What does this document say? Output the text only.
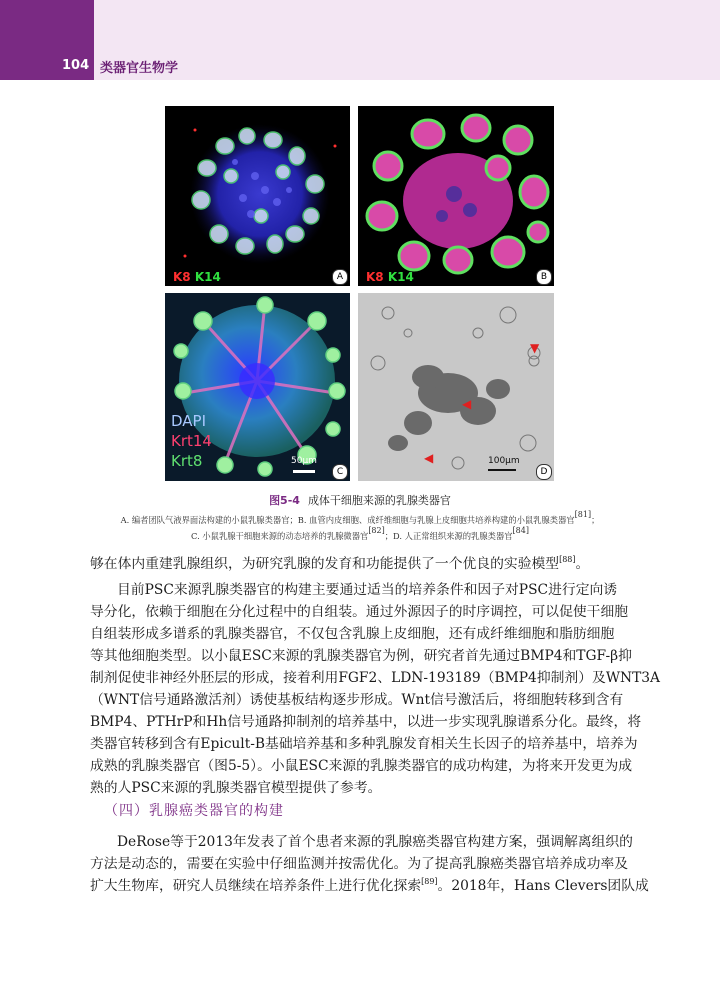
104 类器官生物学
K8 K14	A	K8 K14	B
DAPI
Krt14
Krt8	50μm
C
▼
◀
◀	100μm
D
图5-4 成体干细胞来源的乳腺类器官
A. 编者团队气液界面法构建的小鼠乳腺类器官；B. 血管内皮细胞、成纤维细胞与乳腺上皮细胞共培养构建的小鼠乳腺类器官[81]；
C. 小鼠乳腺干细胞来源的动态培养的乳腺微器官[82]；D. 人正常组织来源的乳腺类器官[84]
够在体内重建乳腺组织，为研究乳腺的发育和功能提供了一个优良的实验模型[88]。
目前PSC来源乳腺类器官的构建主要通过适当的培养条件和因子对PSC进行定向诱
导分化，依赖于细胞在分化过程中的自组装。通过外源因子的时序调控，可以促使干细胞
自组装形成多谱系的乳腺类器官，不仅包含乳腺上皮细胞，还有成纤维细胞和脂肪细胞
等其他细胞类型。以小鼠ESC来源的乳腺类器官为例，研究者首先通过BMP4和TGF-β抑
制剂促使非神经外胚层的形成，接着利用FGF2、LDN-193189（BMP4抑制剂）及WNT3A
（WNT信号通路激活剂）诱使基板结构逐步形成。Wnt信号激活后，将细胞转移到含有
BMP4、PTHrP和Hh信号通路抑制剂的培养基中，以进一步实现乳腺谱系分化。最终，将
类器官转移到含有Epicult-B基础培养基和多种乳腺发育相关生长因子的培养基中，培养为
成熟的乳腺类器官（图5-5）。小鼠ESC来源的乳腺类器官的成功构建，为将来开发更为成
熟的人PSC来源的乳腺类器官模型提供了参考。
（四）乳腺癌类器官的构建
DeRose等于2013年发表了首个患者来源的乳腺癌类器官构建方案，强调解离组织的
方法是动态的，需要在实验中仔细监测并按需优化。为了提高乳腺癌类器官培养成功率及
扩大生物库，研究人员继续在培养条件上进行优化探索[89]。2018年，Hans Clevers团队成
